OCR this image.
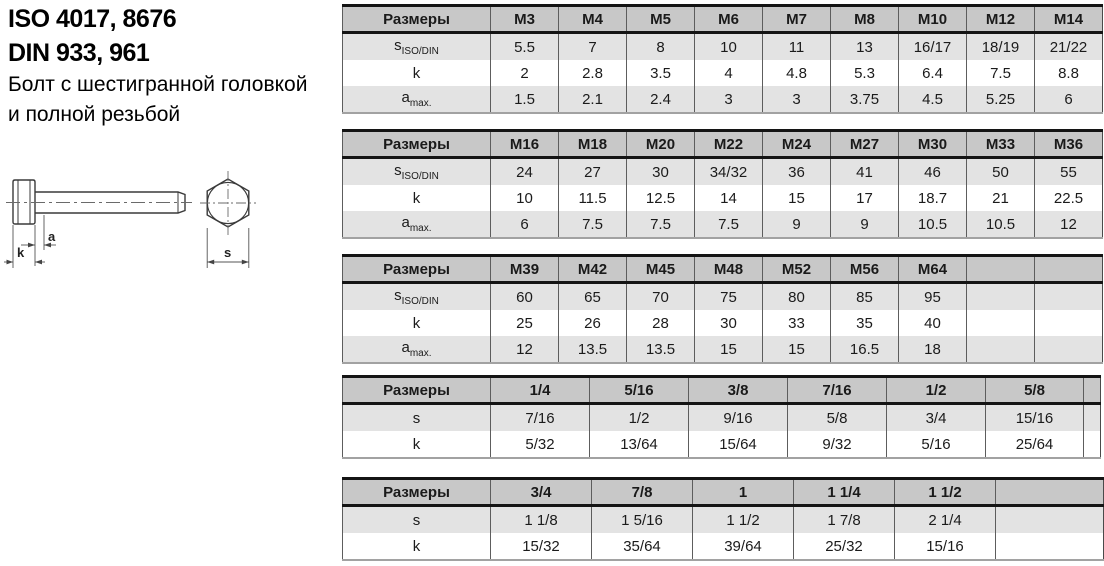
ISO 4017, 8676
DIN 933, 961
Болт с шестигранной головкой
и полной резьбой
a
k	s
Размеры	M3	M4	M5	M6	M7	M8	M10	M12	M14
$s_{ISO/DIN}$	5.5	7	8	10	11	13	16/17	18/19	21/22
k	2	2.8	3.5	4	4.8	5.3	6.4	7.5	8.8
$a_{max.}$	1.5	2.1	2.4	3	3	3.75	4.5	5.25	6
Размеры	M16	M18	M20	M22	M24	M27	M30	M33	M36
$s_{ISO/DIN}$	24	27	30	34/32	36	41	46	50	55
k	10	11.5	12.5	14	15	17	18.7	21	22.5
$a_{max.}$	6	7.5	7.5	7.5	9	9	10.5	10.5	12
Размеры	M39	M42	M45	M48	M52	M56	M64		
$s_{ISO/DIN}$	60	65	70	75	80	85	95		
k	25	26	28	30	33	35	40		
$a_{max.}$	12	13.5	13.5	15	15	16.5	18		
Размеры	1/4	5/16	3/8	7/16	1/2	5/8	
s	7/16	1/2	9/16	5/8	3/4	15/16	
k	5/32	13/64	15/64	9/32	5/16	25/64	
Размеры	3/4	7/8	1	1 1/4	1 1/2	
s	1 1/8	1 5/16	1 1/2	1 7/8	2 1/4	
k	15/32	35/64	39/64	25/32	15/16	
